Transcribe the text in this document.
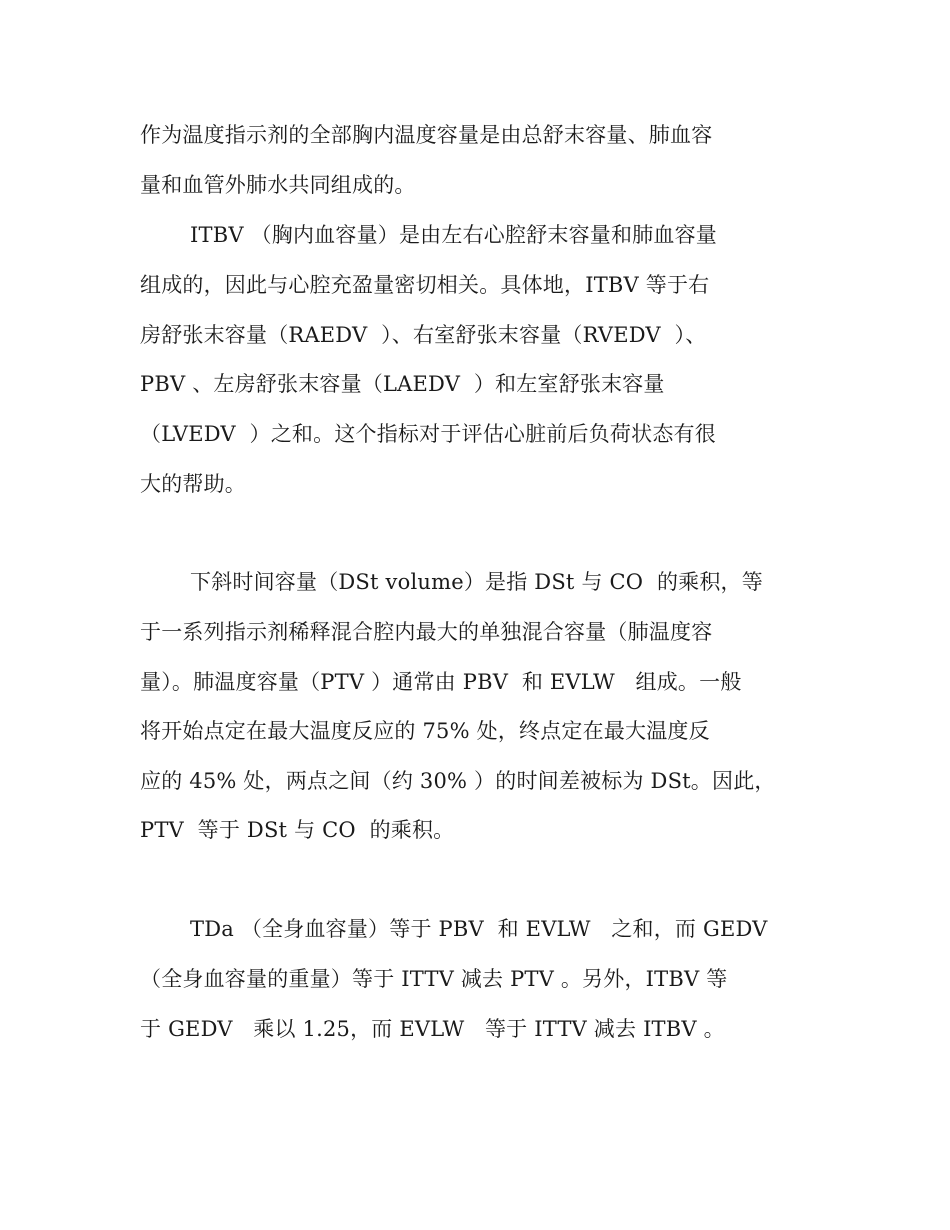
作为温度指示剂的全部胸内温度容量是由总舒末容量、肺血容
量和血管外肺水共同组成的。
ITBV （胸内血容量）是由左右心腔舒末容量和肺血容量
组成的，因此与心腔充盈量密切相关。具体地，ITBV 等于右
房舒张末容量（RAEDV  ）、右室舒张末容量（RVEDV  ）、
PBV 、左房舒张末容量（LAEDV  ）和左室舒张末容量
（LVEDV  ）之和。这个指标对于评估心脏前后负荷状态有很
大的帮助。
下斜时间容量（DSt volume）是指 DSt 与 CO  的乘积，等
于一系列指示剂稀释混合腔内最大的单独混合容量（肺温度容
量）。肺温度容量（PTV ）通常由 PBV  和 EVLW   组成。一般
将开始点定在最大温度反应的 75% 处，终点定在最大温度反
应的 45% 处，两点之间（约 30% ）的时间差被标为 DSt。因此，
PTV  等于 DSt 与 CO  的乘积。
TDa （全身血容量）等于 PBV  和 EVLW   之和，而 GEDV
（全身血容量的重量）等于 ITTV 减去 PTV 。另外，ITBV 等
于 GEDV   乘以 1.25，而 EVLW   等于 ITTV 减去 ITBV 。
